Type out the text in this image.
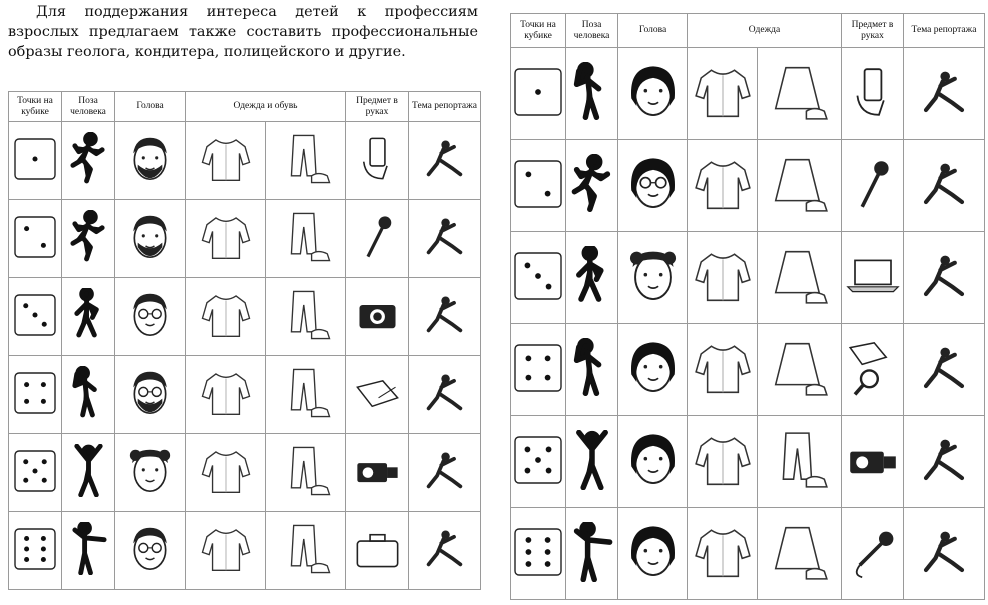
Для поддержания интереса детей к профессиям взрослых предлагаем также составить профессиональные образы геолога, кондитера, полицейского и другие.

Точки на кубике	Поза человека	Голова	Одежда и обувь		Предмет в руках	Тема репортажа

Точки на кубике	Поза человека	Голова	Одежда		Предмет в руках	Тема репортажа
